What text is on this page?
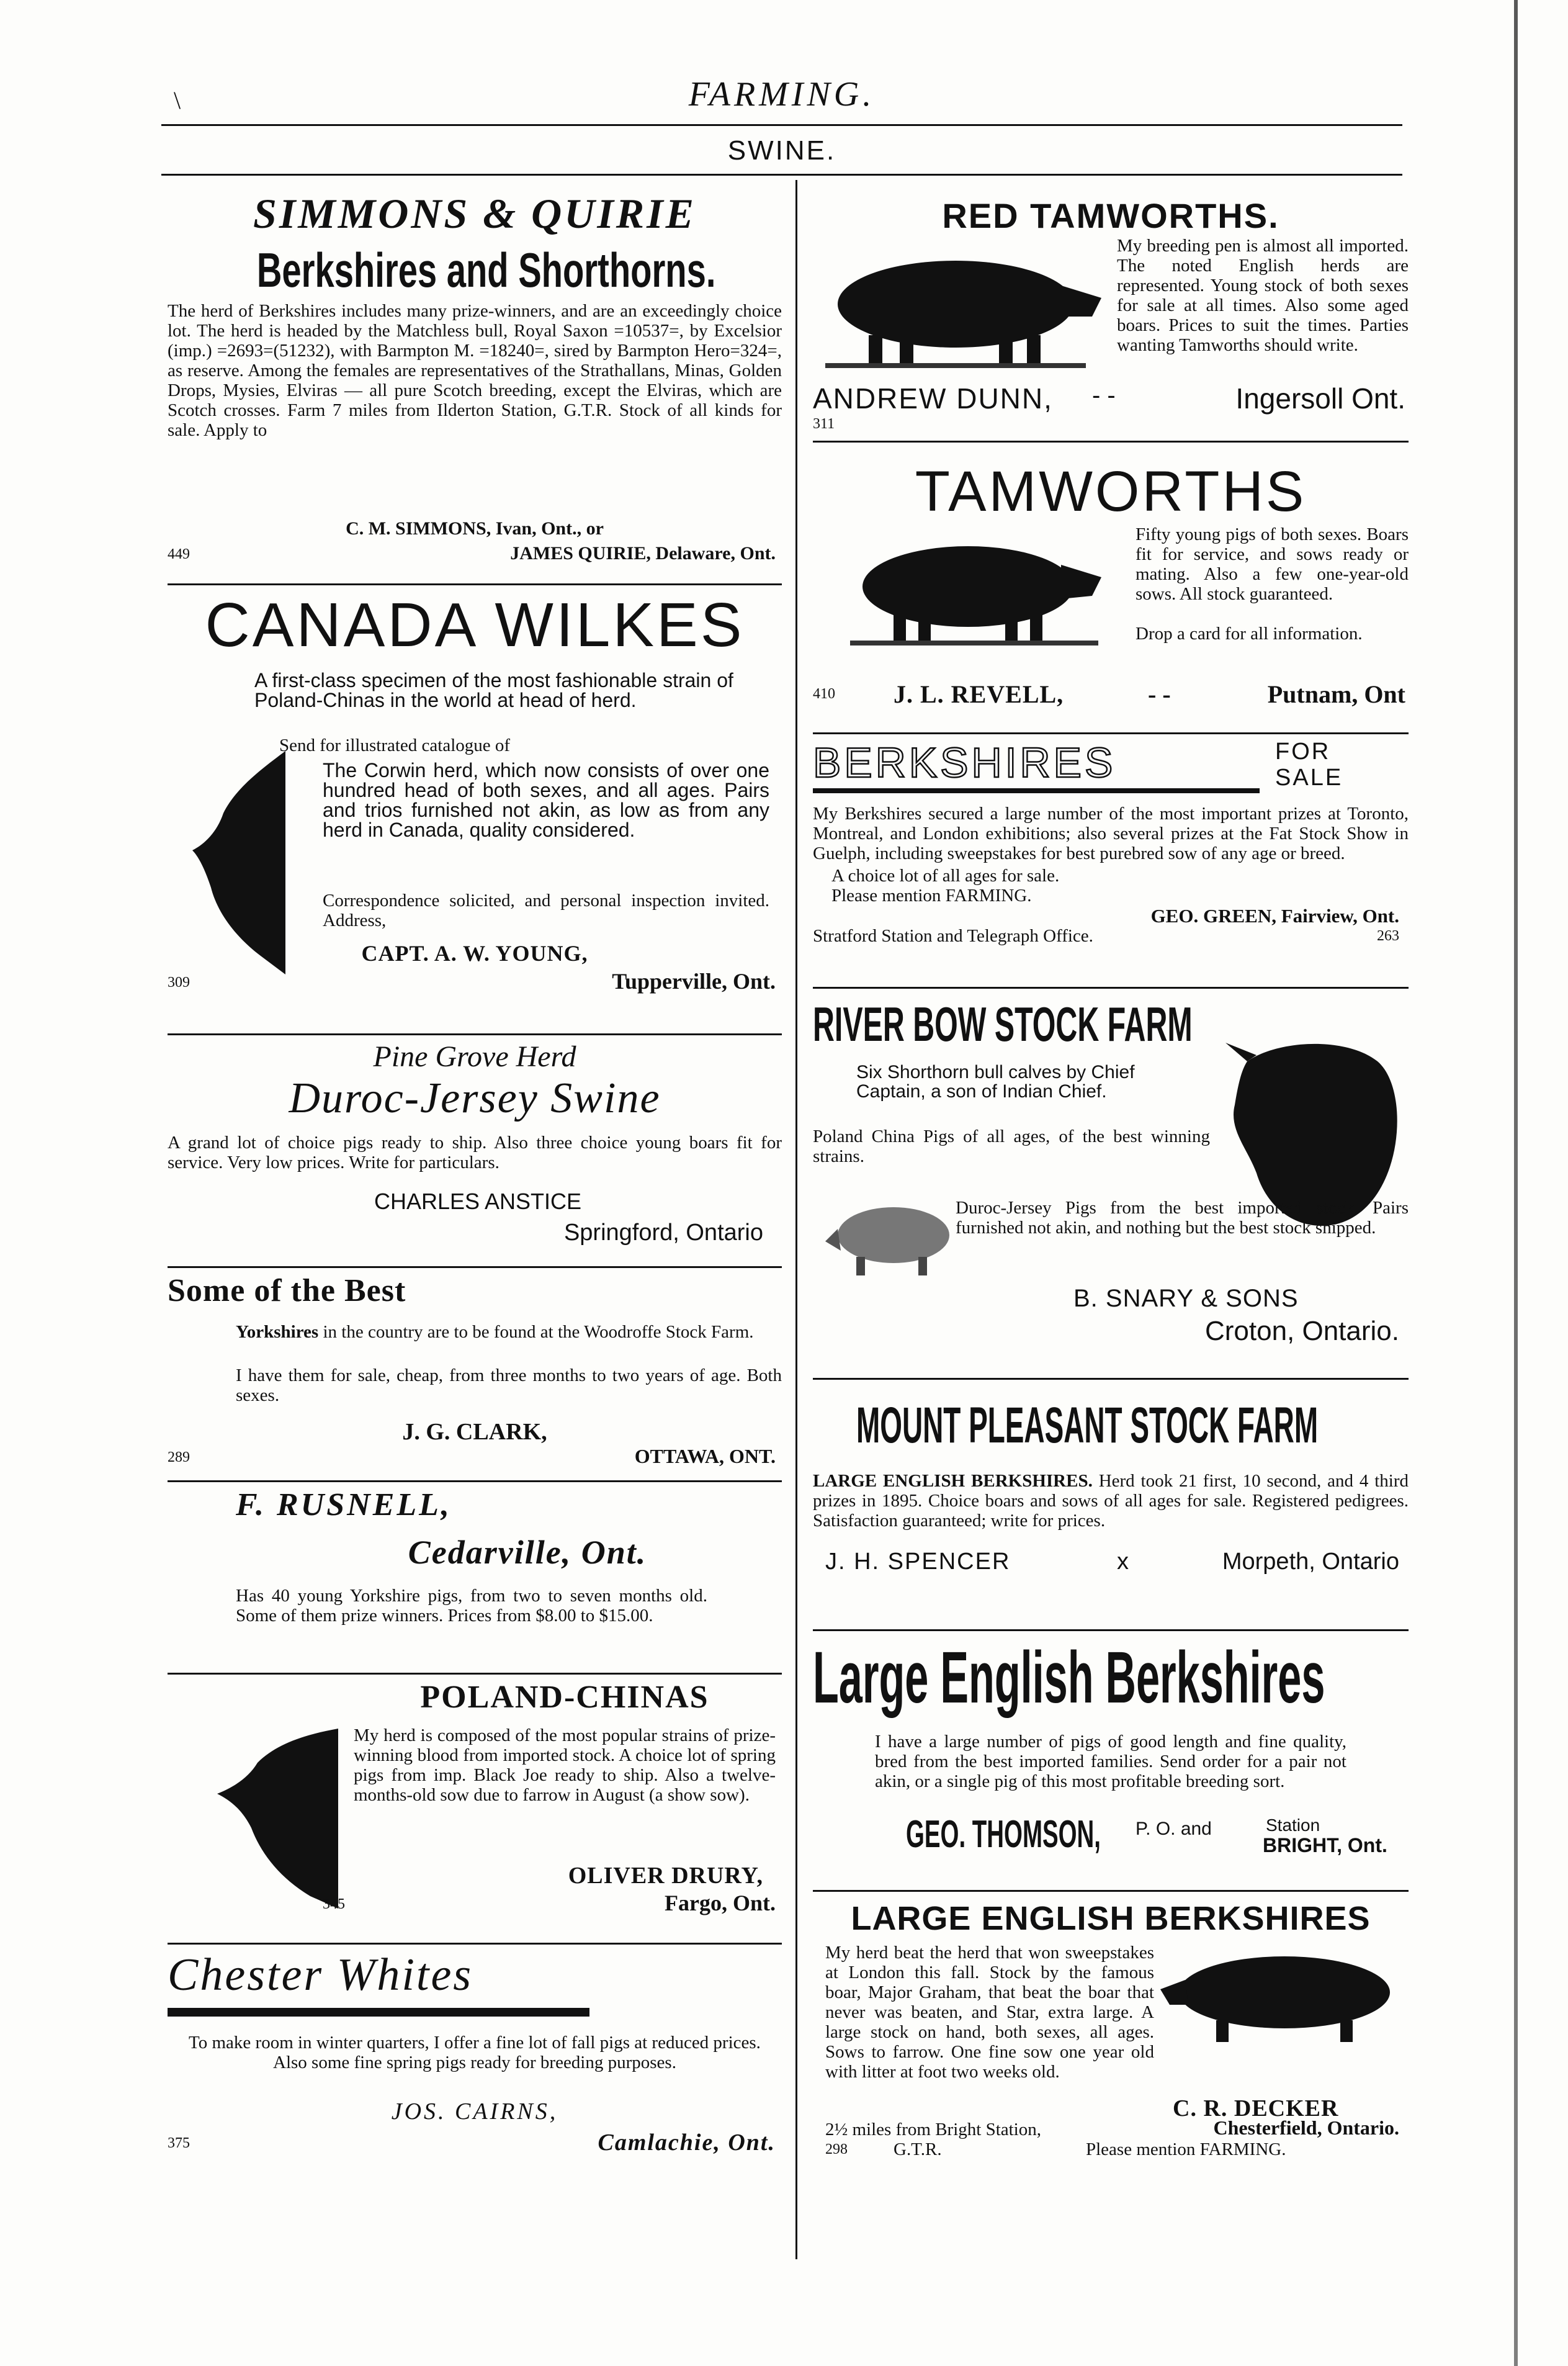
\	FARMING.
SWINE.
SIMMONS & QUIRIE
Berkshires and Shorthorns.

The herd of Berkshires includes many prize-winners, and are an exceedingly choice lot. The herd is headed by the Matchless bull, Royal Saxon =10537=, by Excelsior (imp.) =2693=(51232), with Barmpton M. =18240=, sired by Barmpton Hero=324=, as reserve. Among the females are representatives of the Strathallans, Minas, Golden Drops, Mysies, Elviras — all pure Scotch breeding, except the Elviras, which are Scotch crosses. Farm 7 miles from Ilderton Station, G.T.R. Stock of all kinds for sale. Apply to

C. M. SIMMONS, Ivan, Ont., or
449	JAMES QUIRIE, Delaware, Ont.
CANADA WILKES

A first-class specimen of the most fashionable strain of Poland-Chinas in the world at head of herd.

Send for illustrated catalogue of

The Corwin herd, which now consists of over one hundred head of both sexes, and all ages. Pairs and trios furnished not akin, as low as from any herd in Canada, quality considered.

Correspondence solicited, and personal inspection invited. Address,

CAPT. A. W. YOUNG,
309	Tupperville, Ont.
Pine Grove Herd
Duroc-Jersey Swine

A grand lot of choice pigs ready to ship. Also three choice young boars fit for service. Very low prices. Write for particulars.

CHARLES ANSTICE
Springford, Ontario
Some of the Best

Yorkshires in the country are to be found at the Woodroffe Stock Farm.

I have them for sale, cheap, from three months to two years of age. Both sexes.

J. G. CLARK,
289	OTTAWA, ONT.
F. RUSNELL,
Cedarville, Ont.

Has 40 young Yorkshire pigs, from two to seven months old. Some of them prize winners. Prices from $8.00 to $15.00.

POLAND-CHINAS

My herd is composed of the most popular strains of prize-winning blood from imported stock. A choice lot of spring pigs from imp. Black Joe ready to ship. Also a twelve-months-old sow due to farrow in August (a show sow).

OLIVER DRURY,
345	Fargo, Ont.
Chester Whites

To make room in winter quarters, I offer a fine lot of fall pigs at reduced prices. Also some fine spring pigs ready for breeding purposes.

JOS. CAIRNS,
375	Camlachie, Ont.
RED TAMWORTHS.

My breeding pen is almost all imported. The noted English herds are represented. Young stock of both sexes for sale at all times. Also some aged boars. Prices to suit the times. Parties wanting Tamworths should write.

ANDREW DUNN, - -	Ingersoll Ont.
311
TAMWORTHS

Fifty young pigs of both sexes. Boars fit for service, and sows ready or mating. Also a few one-year-old sows. All stock guaranteed.

Drop a card for all information.

410 J. L. REVELL,	- -	Putnam, Ont
BERKSHIRES	FOR
SALE

My Berkshires secured a large number of the most important prizes at Toronto, Montreal, and London exhibitions; also several prizes at the Fat Stock Show in Guelph, including sweepstakes for best purebred sow of any age or breed.

A choice lot of all ages for sale.

Please mention FARMING.

GEO. GREEN, Fairview, Ont.

Stratford Station and Telegraph Office.	263
RIVER BOW STOCK FARM

Six Shorthorn bull calves by Chief Captain, a son of Indian Chief.

Poland China Pigs of all ages, of the best winning strains.

Duroc-Jersey Pigs from the best imported stock. Pairs furnished not akin, and nothing but the best stock shipped.

B. SNARY & SONS
Croton, Ontario.
MOUNT PLEASANT STOCK FARM

LARGE ENGLISH BERKSHIRES. Herd took 21 first, 10 second, and 4 third prizes in 1895. Choice boars and sows of all ages for sale. Registered pedigrees. Satisfaction guaranteed; write for prices.

J. H. SPENCER	x	Morpeth, Ontario
Large English Berkshires

I have a large number of pigs of good length and fine quality, bred from the best imported families. Send order for a pair not akin, or a single pig of this most profitable breeding sort.

GEO. THOMSON,	P. O. and	Station
BRIGHT, Ont.
LARGE ENGLISH BERKSHIRES

My herd beat the herd that won sweepstakes at London this fall. Stock by the famous boar, Major Graham, that beat the boar that never was beaten, and Star, extra large. A large stock on hand, both sexes, all ages. Sows to farrow. One fine sow one year old with litter at foot two weeks old.

C. R. DECKER

2½ miles from Bright Station,	Chesterfield, Ontario.
298	G.T.R.	Please mention FARMING.
